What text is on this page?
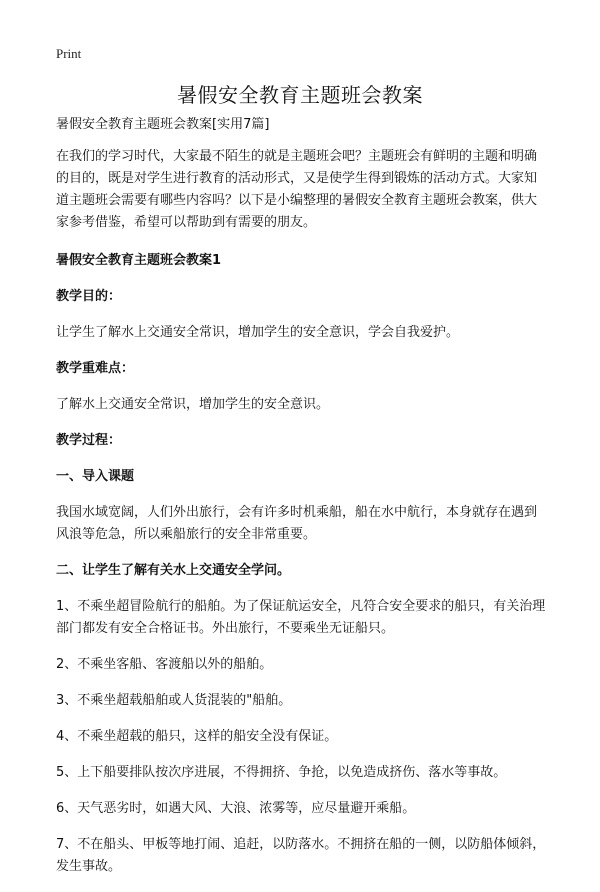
Print
暑假安全教育主题班会教案

暑假安全教育主题班会教案[实用7篇]

在我们的学习时代，大家最不陌生的就是主题班会吧？主题班会有鲜明的主题和明确的目的，既是对学生进行教育的活动形式，又是使学生得到锻炼的活动方式。大家知道主题班会需要有哪些内容吗？以下是小编整理的暑假安全教育主题班会教案，供大家参考借鉴，希望可以帮助到有需要的朋友。

暑假安全教育主题班会教案1

教学目的：

让学生了解水上交通安全常识，增加学生的安全意识，学会自我爱护。

教学重难点：

了解水上交通安全常识，增加学生的安全意识。

教学过程：

一、导入课题

我国水域宽阔，人们外出旅行，会有许多时机乘船，船在水中航行，本身就存在遇到风浪等危急，所以乘船旅行的安全非常重要。

二、让学生了解有关水上交通安全学问。

1、不乘坐超冒险航行的船舶。为了保证航运安全，凡符合安全要求的船只，有关治理部门都发有安全合格证书。外出旅行，不要乘坐无证船只。

2、不乘坐客船、客渡船以外的船舶。

3、不乘坐超载船舶或人货混装的"船舶。

4、不乘坐超载的船只，这样的船安全没有保证。

5、上下船要排队按次序进展，不得拥挤、争抢，以免造成挤伤、落水等事故。

6、天气恶劣时，如遇大风、大浪、浓雾等，应尽量避开乘船。

7、不在船头、甲板等地打闹、追赶，以防落水。不拥挤在船的一侧，以防船体倾斜，发生事故。
